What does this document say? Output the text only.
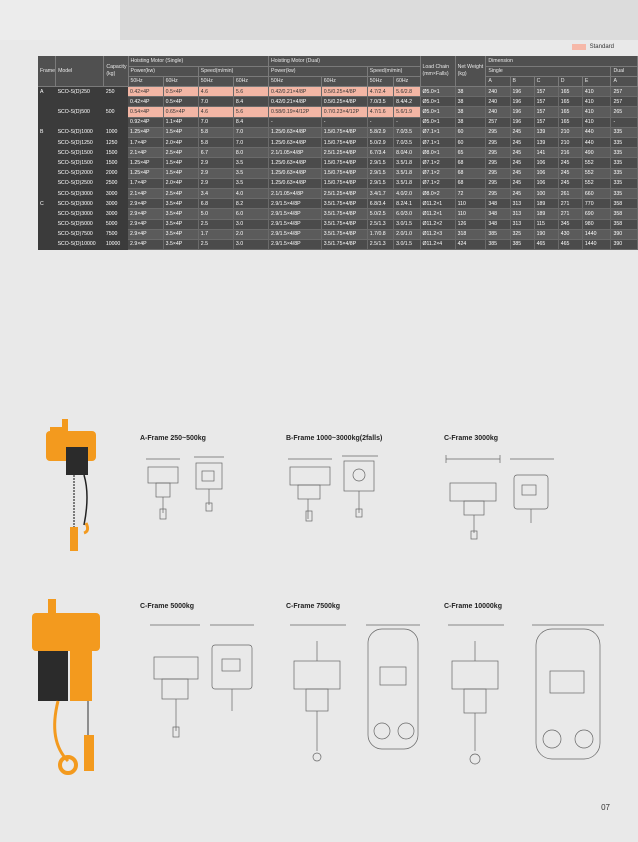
Standard
Frame	Model	Capacity (kg)	Hoisting Motor (Single)				Hoisting Motor (Dual)				Load Chain (mm×Falls)	Net Weight (kg)	Dimension					
			Power(kw)		Speed(m/min)		Power(kw)		Speed(m/min)				Single					Dual
			50Hz	60Hz	50Hz	60Hz	50Hz	60Hz	50Hz	60Hz			A	B	C	D	E	A
A	SCO-S(D)250	250	0.42×4P	0.5×4P	4.6	5.6	0.42/0.21×4/8P	0.5/0.25×4/8P	4.7/2.4	5.6/2.8	Ø5.0×1	38	240	196	157	165	410	257
			0.42×4P	0.5×4P	7.0	8.4	0.42/0.21×4/8P	0.5/0.25×4/8P	7.0/3.5	8.4/4.2	Ø5.0×1	38	240	196	157	165	410	257
	SCO-S(D)500	500	0.54×4P	0.65×4P	4.6	5.6	0.58/0.19×4/12P	0.7/0.23×4/12P	4.7/1.6	5.6/1.9	Ø5.0×1	38	240	196	157	165	410	265
			0.92×4P	1.1×4P	7.0	8.4	-	-	-	-	Ø5.0×1	38	257	196	157	165	410	-
B	SCO-S(D)1000	1000	1.25×4P	1.5×4P	5.8	7.0	1.25/0.63×4/8P	1.5/0.75×4/8P	5.8/2.9	7.0/3.5	Ø7.1×1	60	295	245	139	210	440	335
	SCO-S(D)1250	1250	1.7×4P	2.0×4P	5.8	7.0	1.25/0.63×4/8P	1.5/0.75×4/8P	5.0/2.9	7.0/3.5	Ø7.1×1	60	295	245	139	210	440	335
	SCO-S(D)1500	1500	2.1×4P	2.5×4P	6.7	8.0	2.1/1.05×4/8P	2.5/1.25×4/8P	6.7/3.4	8.0/4.0	Ø8.0×1	65	295	245	141	216	490	335
	SCO-S(D)1500	1500	1.25×4P	1.5×4P	2.9	3.5	1.25/0.63×4/8P	1.5/0.75×4/8P	2.9/1.5	3.5/1.8	Ø7.1×2	68	295	245	106	245	552	335
	SCO-S(D)2000	2000	1.25×4P	1.5×4P	2.9	3.5	1.25/0.63×4/8P	1.5/0.75×4/8P	2.9/1.5	3.5/1.8	Ø7.1×2	68	295	245	106	245	552	335
	SCO-S(D)2500	2500	1.7×4P	2.0×4P	2.9	3.5	1.25/0.63×4/8P	1.5/0.75×4/8P	2.9/1.5	3.5/1.8	Ø7.1×2	68	295	245	106	245	552	335
	SCO-S(D)3000	3000	2.1×4P	2.5×4P	3.4	4.0	2.1/1.05×4/8P	2.5/1.25×4/8P	3.4/1.7	4.0/2.0	Ø8.0×2	72	295	245	100	261	660	335
C	SCO-S(D)3000	3000	2.9×4P	3.5×4P	6.8	8.2	2.9/1.5×4/8P	3.5/1.75×4/8P	6.8/3.4	8.2/4.1	Ø11.2×1	110	348	313	189	271	770	358
	SCO-S(D)3000	3000	2.9×4P	3.5×4P	5.0	6.0	2.9/1.5×4/8P	3.5/1.75×4/8P	5.0/2.5	6.0/3.0	Ø11.2×1	110	348	313	189	271	690	358
	SCO-S(D)5000	5000	2.9×4P	3.5×4P	2.5	3.0	2.9/1.5×4/8P	3.5/1.75×4/8P	2.5/1.3	3.0/1.5	Ø11.2×2	126	348	313	115	345	980	358
	SCO-S(D)7500	7500	2.9×4P	3.5×4P	1.7	2.0	2.9/1.5×4/8P	3.5/1.75×4/8P	1.7/0.8	2.0/1.0	Ø11.2×3	318	385	325	190	430	1440	390
	SCO-S(D)10000	10000	2.9×4P	3.5×4P	2.5	3.0	2.9/1.5×4/8P	3.5/1.75×4/8P	2.5/1.3	3.0/1.5	Ø11.2×4	424	385	385	465	465	1440	390
A-Frame 250~500kg	B-Frame 1000~3000kg(2falls)	C-Frame 3000kg
C-Frame 5000kg	C-Frame 7500kg	C-Frame 10000kg
07
